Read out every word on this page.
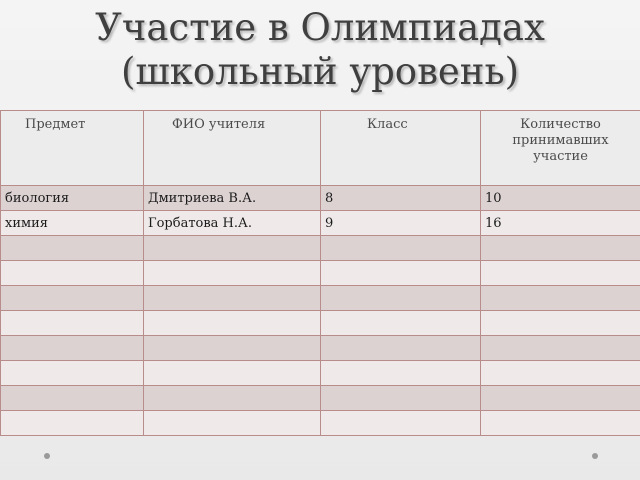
Участие в Олимпиадах
(школьный уровень)
Предмет	ФИО учителя	Класс	Количество принимавших участие
биология	Дмитриева В.А.	8	10
химия	Горбатова Н.А.	9	16
